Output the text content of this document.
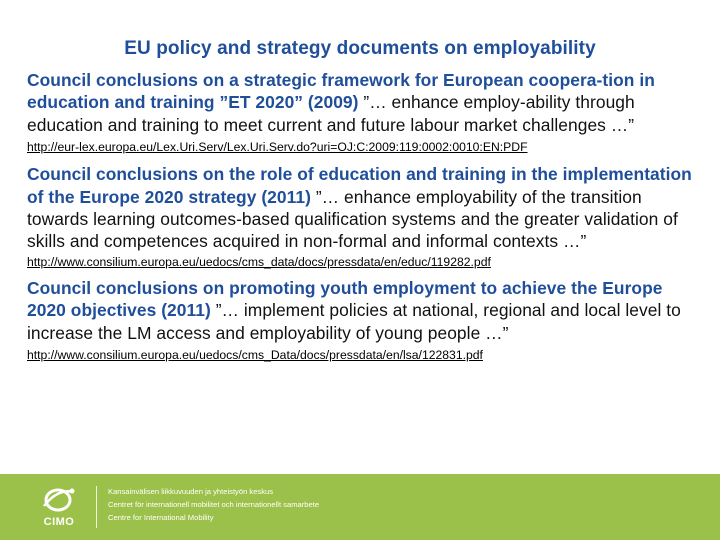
EU policy and strategy documents on employability

Council conclusions on a strategic framework for European coopera-tion in education and training ”ET 2020” (2009) ”… enhance employ-ability through education and training to meet current and future labour market challenges …”

http://eur-lex.europa.eu/Lex.Uri.Serv/Lex.Uri.Serv.do?uri=OJ:C:2009:119:0002:0010:EN:PDF

Council conclusions on the role of education and training in the implementation of the Europe 2020 strategy (2011) ”… enhance employability of the transition towards learning outcomes-based qualification systems and the greater validation of skills and competences acquired in non-formal and informal contexts …”

http://www.consilium.europa.eu/uedocs/cms_data/docs/pressdata/en/educ/119282.pdf

Council conclusions on promoting youth employment to achieve the Europe 2020 objectives (2011) ”… implement policies at national, regional and local level to increase the LM access and employability of young people …”

http://www.consilium.europa.eu/uedocs/cms_Data/docs/pressdata/en/lsa/122831.pdf
CIMO
Kansainvälisen liikkuvuuden ja yhteistyön keskus
Centret för internationell mobilitet och internationellt samarbete
Centre for International Mobility
